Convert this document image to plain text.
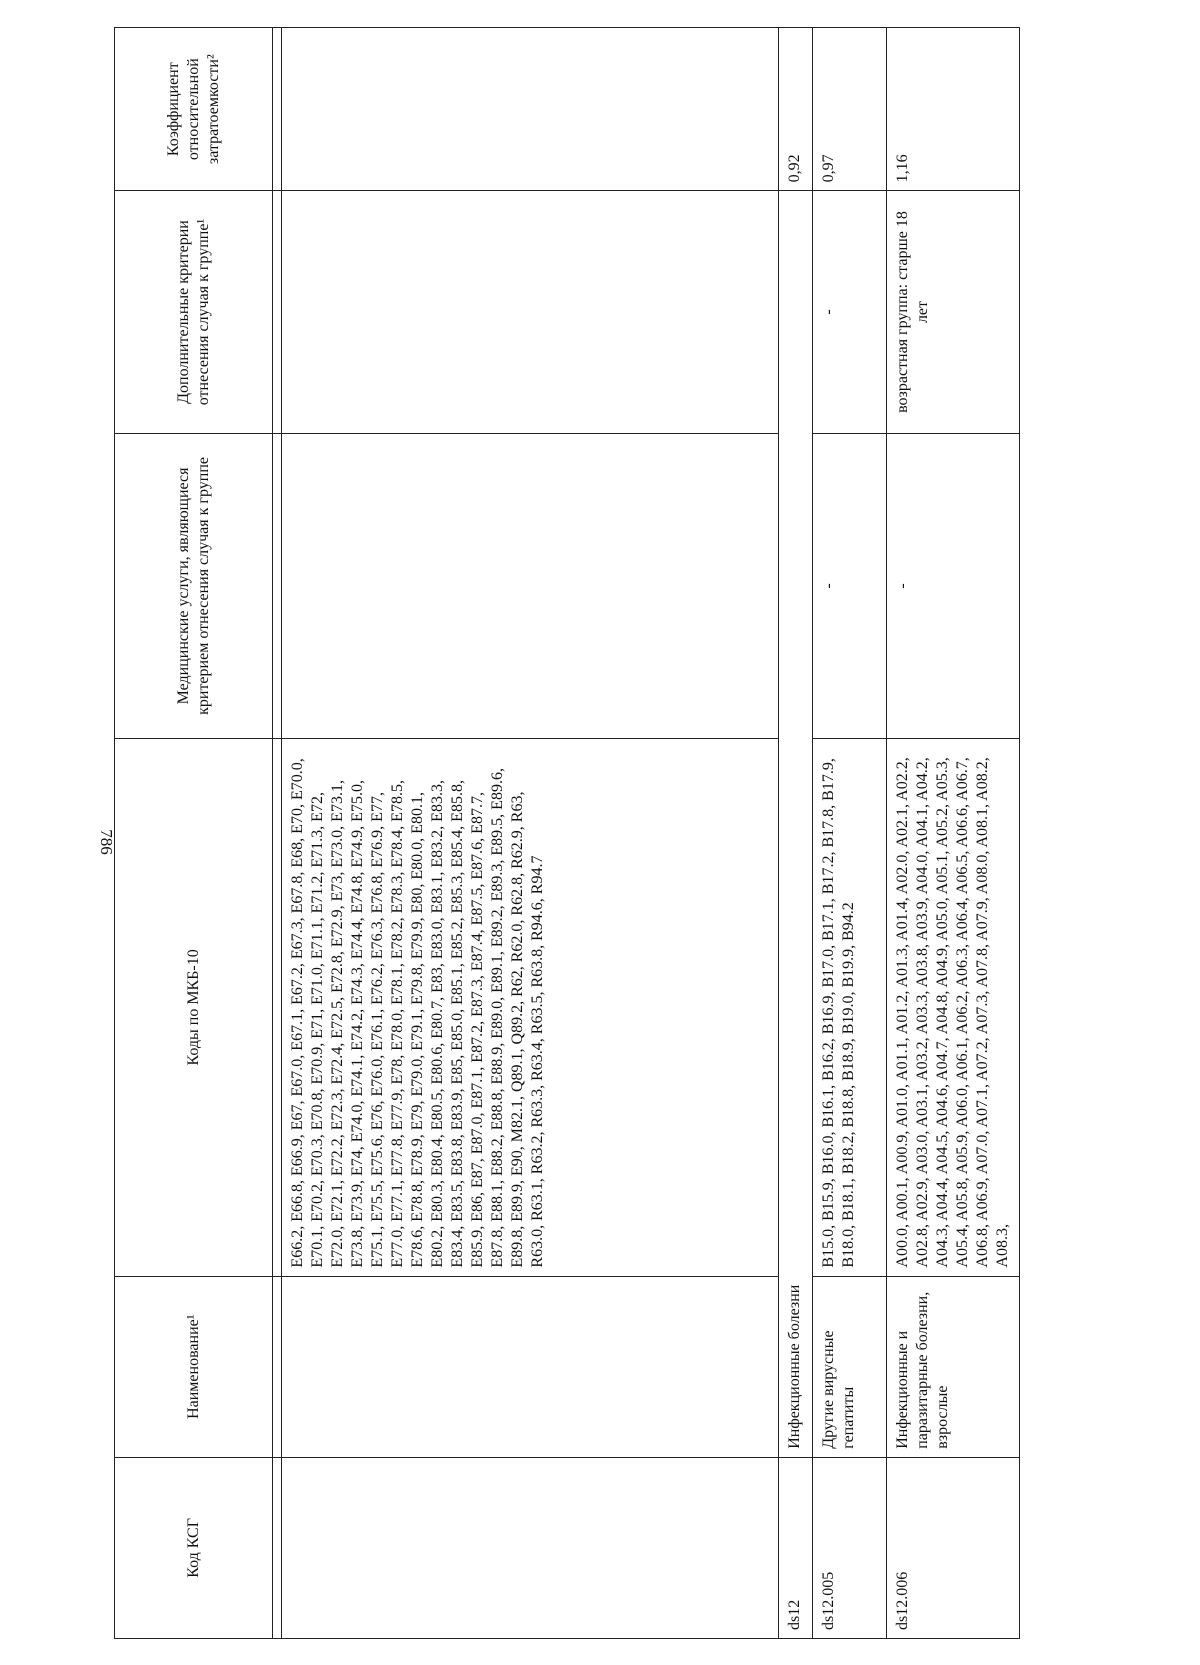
786
Код КСГ	Наименование¹	Коды по МКБ-10	Медицинские услуги, являющиеся критерием отнесения случая к группе	Дополнительные критерии отнесения случая к группе¹	Коэффициент относительной затратоемкости²

		E66.2, E66.8, E66.9, E67, E67.0, E67.1, E67.2, E67.3, E67.8, E68, E70, E70.0, E70.1, E70.2, E70.3, E70.8, E70.9, E71, E71.0, E71.1, E71.2, E71.3, E72, E72.0, E72.1, E72.2, E72.3, E72.4, E72.5, E72.8, E72.9, E73, E73.0, E73.1, E73.8, E73.9, E74, E74.0, E74.1, E74.2, E74.3, E74.4, E74.8, E74.9, E75.0, E75.1, E75.5, E75.6, E76, E76.0, E76.1, E76.2, E76.3, E76.8, E76.9, E77, E77.0, E77.1, E77.8, E77.9, E78, E78.0, E78.1, E78.2, E78.3, E78.4, E78.5, E78.6, E78.8, E78.9, E79, E79.0, E79.1, E79.8, E79.9, E80, E80.0, E80.1, E80.2, E80.3, E80.4, E80.5, E80.6, E80.7, E83, E83.0, E83.1, E83.2, E83.3, E83.4, E83.5, E83.8, E83.9, E85, E85.0, E85.1, E85.2, E85.3, E85.4, E85.8, E85.9, E86, E87, E87.0, E87.1, E87.2, E87.3, E87.4, E87.5, E87.6, E87.7, E87.8, E88.1, E88.2, E88.8, E88.9, E89.0, E89.1, E89.2, E89.3, E89.5, E89.6, E89.8, E89.9, E90, M82.1, Q89.1, Q89.2, R62, R62.0, R62.8, R62.9, R63, R63.0, R63.1, R63.2, R63.3, R63.4, R63.5, R63.8, R94.6, R94.7			
ds12	Инфекционные болезни				0,92
ds12.005	Другие вирусные гепатиты	B15.0, B15.9, B16.0, B16.1, B16.2, B16.9, B17.0, B17.1, B17.2, B17.8, B17.9, B18.0, B18.1, B18.2, B18.8, B18.9, B19.0, B19.9, B94.2	-	-	0,97
ds12.006	Инфекционные и паразитарные болезни, взрослые	A00.0, A00.1, A00.9, A01.0, A01.1, A01.2, A01.3, A01.4, A02.0, A02.1, A02.2, A02.8, A02.9, A03.0, A03.1, A03.2, A03.3, A03.8, A03.9, A04.0, A04.1, A04.2, A04.3, A04.4, A04.5, A04.6, A04.7, A04.8, A04.9, A05.0, A05.1, A05.2, A05.3, A05.4, A05.8, A05.9, A06.0, A06.1, A06.2, A06.3, A06.4, A06.5, A06.6, A06.7, A06.8, A06.9, A07.0, A07.1, A07.2, A07.3, A07.8, A07.9, A08.0, A08.1, A08.2, A08.3,	-	возрастная группа: старше 18 лет	1,16
